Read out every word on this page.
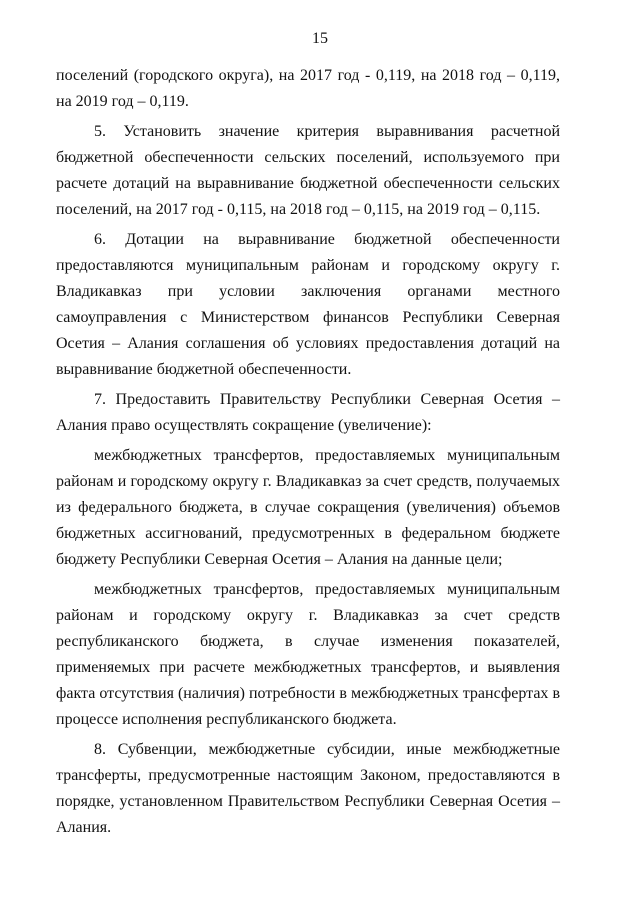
15

поселений (городского округа), на 2017 год - 0,119, на 2018 год – 0,119, на 2019 год – 0,119.

5. Установить значение критерия выравнивания расчетной бюджетной обеспеченности сельских поселений, используемого при расчете дотаций на выравнивание бюджетной обеспеченности сельских поселений, на 2017 год - 0,115, на 2018 год – 0,115, на 2019 год – 0,115.

6. Дотации на выравнивание бюджетной обеспеченности предоставляются муниципальным районам и городскому округу г. Владикавказ при условии заключения органами местного самоуправления с Министерством финансов Республики Северная Осетия – Алания соглашения об условиях предоставления дотаций на выравнивание бюджетной обеспеченности.

7. Предоставить Правительству Республики Северная Осетия – Алания право осуществлять сокращение (увеличение):

межбюджетных трансфертов, предоставляемых муниципальным районам и городскому округу г. Владикавказ за счет средств, получаемых из федерального бюджета, в случае сокращения (увеличения) объемов бюджетных ассигнований, предусмотренных в федеральном бюджете бюджету Республики Северная Осетия – Алания на данные цели;

межбюджетных трансфертов, предоставляемых муниципальным районам и городскому округу г. Владикавказ за счет средств республиканского бюджета, в случае изменения показателей, применяемых при расчете межбюджетных трансфертов, и выявления факта отсутствия (наличия) потребности в межбюджетных трансфертах в процессе исполнения республиканского бюджета.

8. Субвенции, межбюджетные субсидии, иные межбюджетные трансферты, предусмотренные настоящим Законом, предоставляются в порядке, установленном Правительством Республики Северная Осетия – Алания.
